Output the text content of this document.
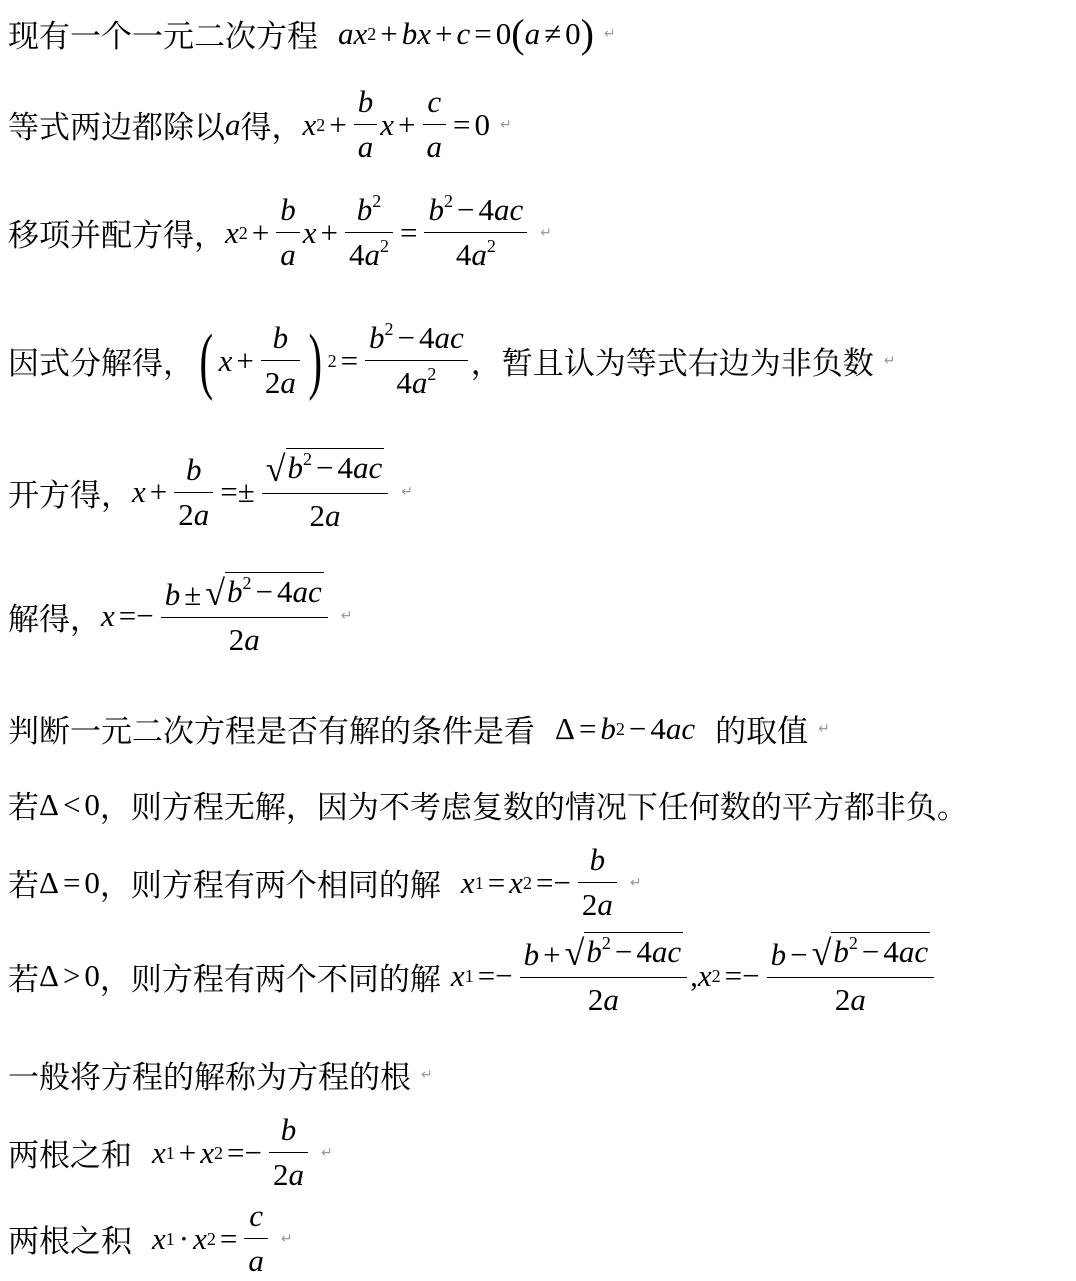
现有一个一元二次方程 ax 2 + bx + c = 0 ( a ≠ 0 ) ↵
等式两边都除以 a 得， x $2 + \frac{b}{a}$ $x + \frac{c}{a} = 0$ ↵
移项并配方得， x $2 + \frac{b}{a}$ $x + \frac{b^2}{4a^2} = \frac{b^2 - 4ac}{4a^2}$ ↵
因式分解得， ( $x + \frac{b}{2a}$ ) $2 = \frac{b^2 - 4ac}{4a^2}$ ，暂且认为等式右边为非负数 ↵
开方得， $x + \frac{b}{2a} =\pm \frac{√ b^2 - 4ac}{2a}$ ↵
解得， $x =- \frac{b \pm √ b^2 - 4ac}{2a}$ ↵
判断一元二次方程是否有解的条件是看 Δ = b 2 − 4 ac 的取值 ↵
若 Δ < 0 ，则方程无解，因为不考虑复数的情况下任何数的平方都非负。
若 Δ = 0 ，则方程有两个相同的解 x 1 = x $2 =- \frac{b}{2a}$ ↵
若 Δ > 0 ，则方程有两个不同的解 x $1 =- \frac{b + √ b^2 - 4ac}{2a}$ , x $2 =- \frac{b - √ b^2 - 4ac}{2a}$
一般将方程的解称为方程的根 ↵
两根之和 x 1 + x $2 =- \frac{b}{2a}$ ↵
两根之积 x 1 · x $2 = \frac{c}{a}$ ↵
